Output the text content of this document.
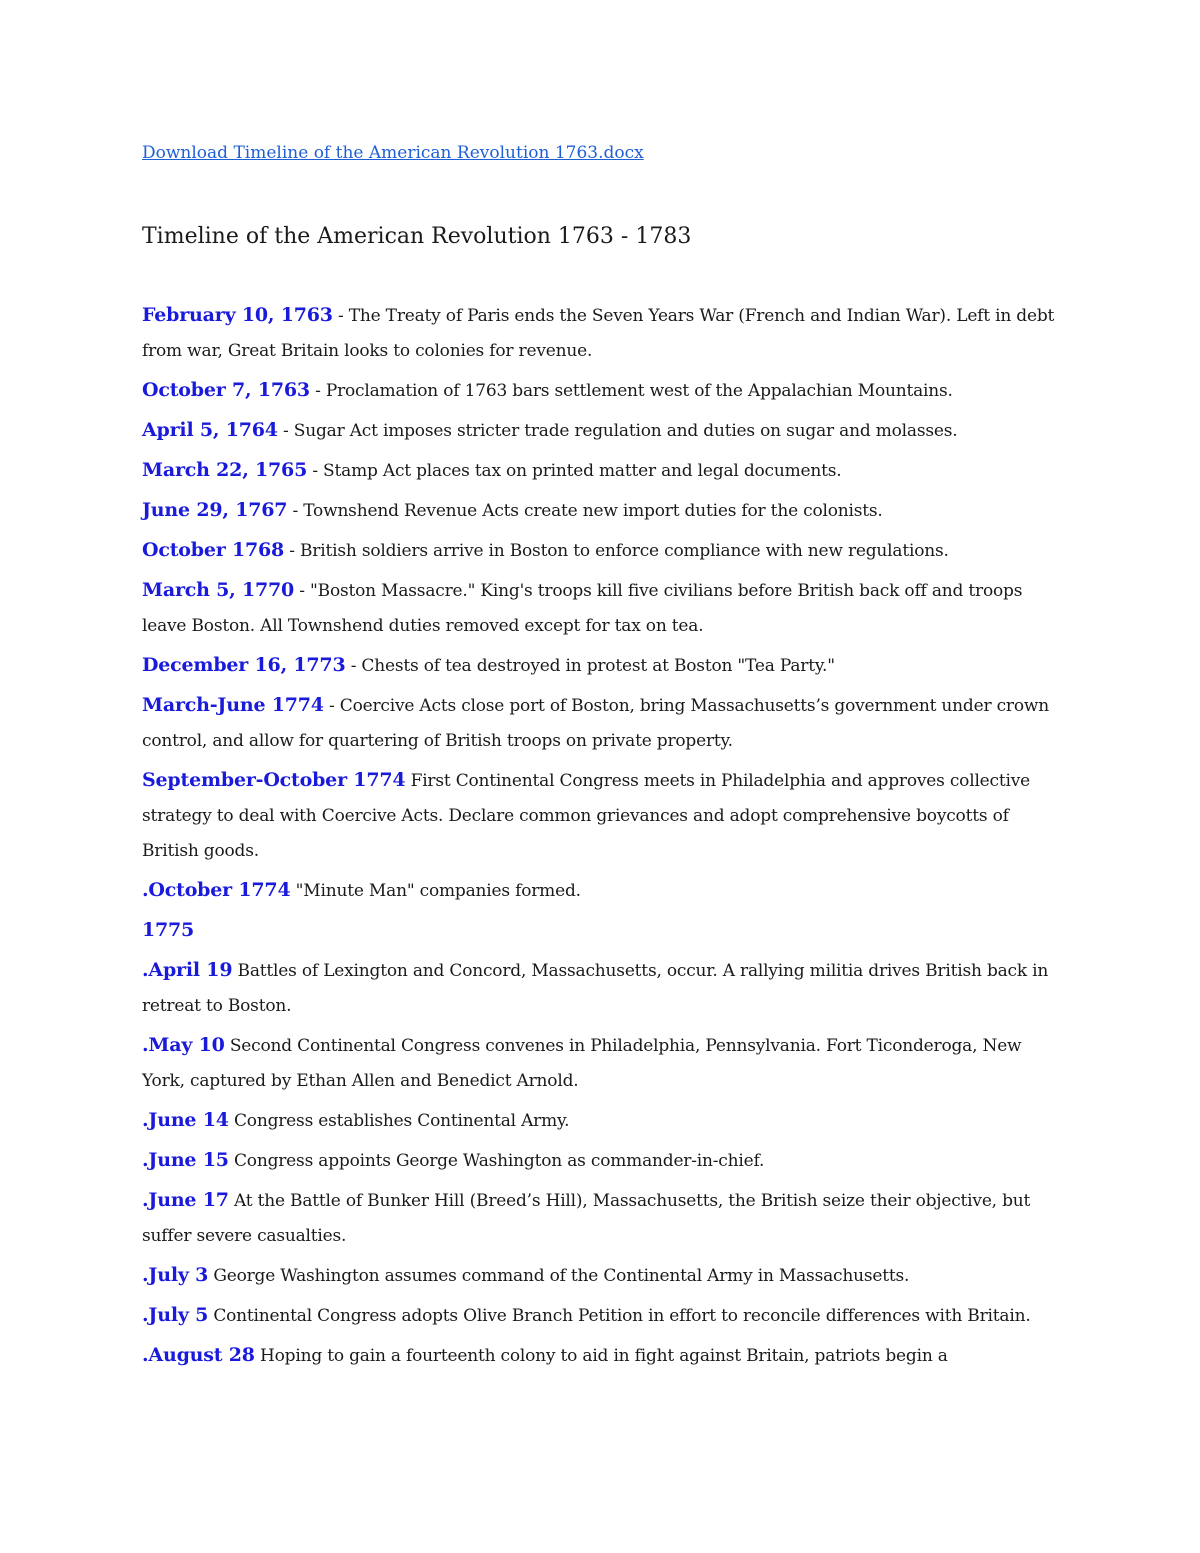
Download Timeline of the American Revolution 1763.docx
Timeline of the American Revolution 1763 - 1783
February 10, 1763 - The Treaty of Paris ends the Seven Years War (French and Indian War). Left in debt from war, Great Britain looks to colonies for revenue.
October 7, 1763 - Proclamation of 1763 bars settlement west of the Appalachian Mountains.
April 5, 1764 - Sugar Act imposes stricter trade regulation and duties on sugar and molasses.
March 22, 1765 - Stamp Act places tax on printed matter and legal documents.
June 29, 1767 - Townshend Revenue Acts create new import duties for the colonists.
October 1768 - British soldiers arrive in Boston to enforce compliance with new regulations.
March 5, 1770 - "Boston Massacre." King's troops kill five civilians before British back off and troops leave Boston. All Townshend duties removed except for tax on tea.
December 16, 1773 - Chests of tea destroyed in protest at Boston "Tea Party."
March-June 1774 - Coercive Acts close port of Boston, bring Massachusetts’s government under crown control, and allow for quartering of British troops on private property.
September-October 1774 First Continental Congress meets in Philadelphia and approves collective strategy to deal with Coercive Acts. Declare common grievances and adopt comprehensive boycotts of British goods.
.October 1774 "Minute Man" companies formed.
1775
.April 19 Battles of Lexington and Concord, Massachusetts, occur. A rallying militia drives British back in retreat to Boston.
.May 10 Second Continental Congress convenes in Philadelphia, Pennsylvania. Fort Ticonderoga, New York, captured by Ethan Allen and Benedict Arnold.
.June 14 Congress establishes Continental Army.
.June 15 Congress appoints George Washington as commander-in-chief.
.June 17 At the Battle of Bunker Hill (Breed’s Hill), Massachusetts, the British seize their objective, but suffer severe casualties.
.July 3 George Washington assumes command of the Continental Army in Massachusetts.
.July 5 Continental Congress adopts Olive Branch Petition in effort to reconcile differences with Britain.
.August 28 Hoping to gain a fourteenth colony to aid in fight against Britain, patriots begin a
